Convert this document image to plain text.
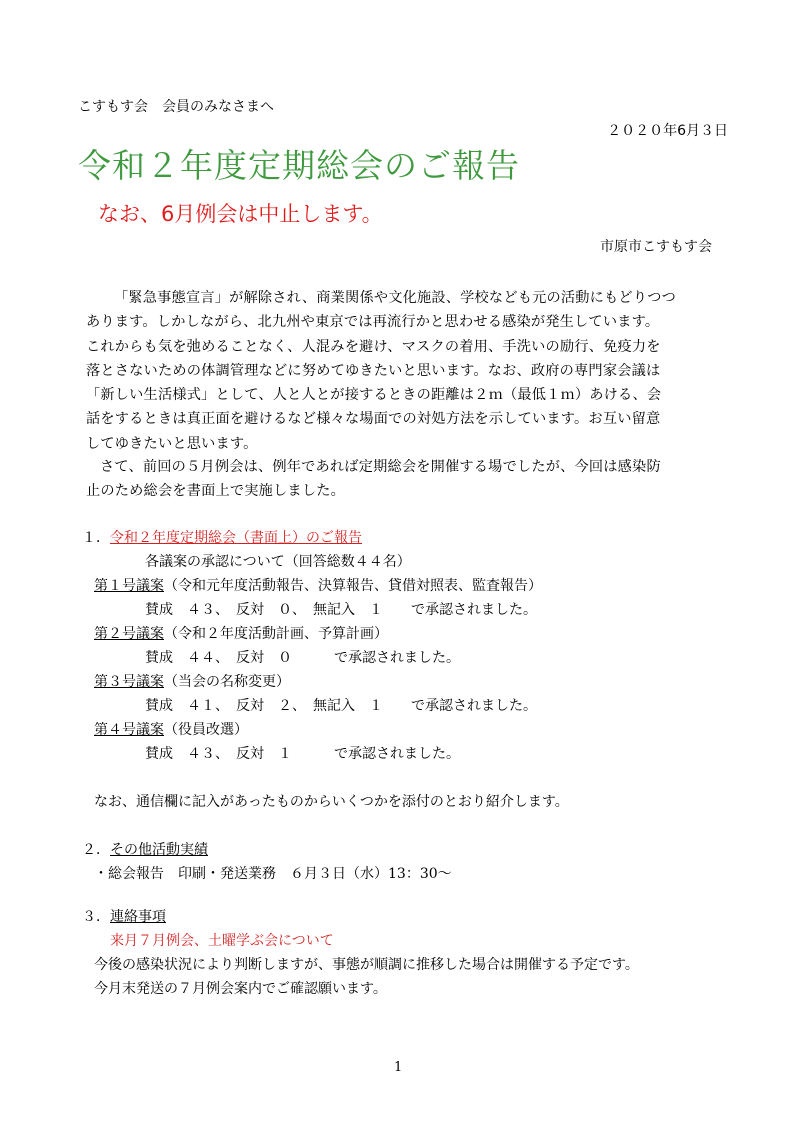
こすもす会　会員のみなさまへ
２０２０年6月３日
令和２年度定期総会のご報告
なお、6月例会は中止します。
市原市こすもす会
「緊急事態宣言」が解除され、商業関係や文化施設、学校なども元の活動にもどりつつ
あります。しかしながら、北九州や東京では再流行かと思わせる感染が発生しています。
これからも気を弛めることなく、人混みを避け、マスクの着用、手洗いの励行、免疫力を
落とさないための体調管理などに努めてゆきたいと思います。なお、政府の専門家会議は
「新しい生活様式」として、人と人とが接するときの距離は２ｍ（最低１ｍ）あける、会
話をするときは真正面を避けるなど様々な場面での対処方法を示しています。お互い留意
してゆきたいと思います。
さて、前回の５月例会は、例年であれば定期総会を開催する場でしたが、今回は感染防
止のため総会を書面上で実施しました。
１．令和２年度定期総会（書面上）のご報告
各議案の承認について（回答総数４４名）
第１号議案（令和元年度活動報告、決算報告、貸借対照表、監査報告）
賛成　４３、　反対　０、　無記入　１　　で承認されました。
第２号議案（令和２年度活動計画、予算計画）
賛成　４４、　反対　０　　　で承認されました。
第３号議案（当会の名称変更）
賛成　４１、　反対　２、　無記入　１　　で承認されました。
第４号議案（役員改選）
賛成　４３、　反対　１　　　で承認されました。
なお、通信欄に記入があったものからいくつかを添付のとおり紹介します。
２．その他活動実績
・総会報告　印刷・発送業務　６月３日（水）13：30〜
３．連絡事項
来月７月例会、土曜学ぶ会について
今後の感染状況により判断しますが、事態が順調に推移した場合は開催する予定です。
今月末発送の７月例会案内でご確認願います。
1
